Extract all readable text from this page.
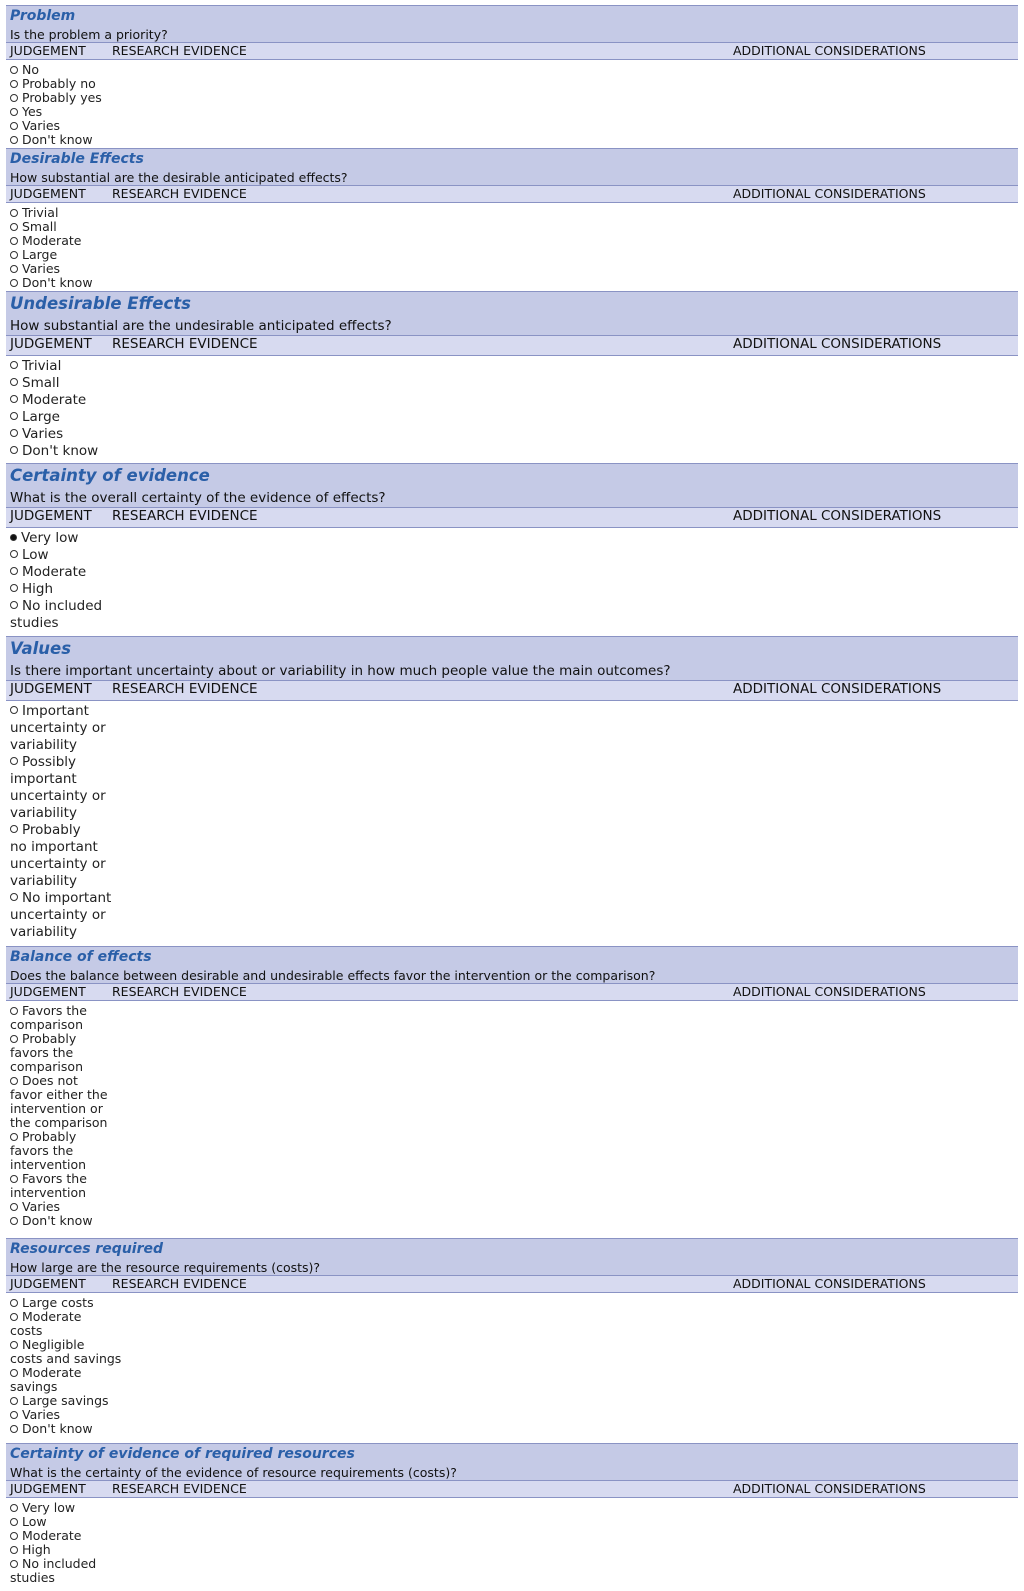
Problem
Is the problem a priority?
JUDGEMENT RESEARCH EVIDENCE	ADDITIONAL CONSIDERATIONS
No
Probably no
Probably yes
Yes
Varies
Don't know
Desirable Effects
How substantial are the desirable anticipated effects?
JUDGEMENT RESEARCH EVIDENCE	ADDITIONAL CONSIDERATIONS
Trivial
Small
Moderate
Large
Varies
Don't know
Undesirable Effects
How substantial are the undesirable anticipated effects?
JUDGEMENT RESEARCH EVIDENCE	ADDITIONAL CONSIDERATIONS
Trivial
Small
Moderate
Large
Varies
Don't know
Certainty of evidence
What is the overall certainty of the evidence of effects?
JUDGEMENT RESEARCH EVIDENCE	ADDITIONAL CONSIDERATIONS
Very low
Low
Moderate
High
No included
studies
Values
Is there important uncertainty about or variability in how much people value the main outcomes?
JUDGEMENT RESEARCH EVIDENCE	ADDITIONAL CONSIDERATIONS
Important
uncertainty or
variability
Possibly
important
uncertainty or
variability
Probably
no important
uncertainty or
variability
No important
uncertainty or
variability
Balance of effects
Does the balance between desirable and undesirable effects favor the intervention or the comparison?
JUDGEMENT RESEARCH EVIDENCE	ADDITIONAL CONSIDERATIONS
Favors the
comparison
Probably
favors the
comparison
Does not
favor either the
intervention or
the comparison
Probably
favors the
intervention
Favors the
intervention
Varies
Don't know
Resources required
How large are the resource requirements (costs)?
JUDGEMENT RESEARCH EVIDENCE	ADDITIONAL CONSIDERATIONS
Large costs
Moderate
costs
Negligible
costs and savings
Moderate
savings
Large savings
Varies
Don't know
Certainty of evidence of required resources
What is the certainty of the evidence of resource requirements (costs)?
JUDGEMENT RESEARCH EVIDENCE	ADDITIONAL CONSIDERATIONS
Very low
Low
Moderate
High
No included
studies
